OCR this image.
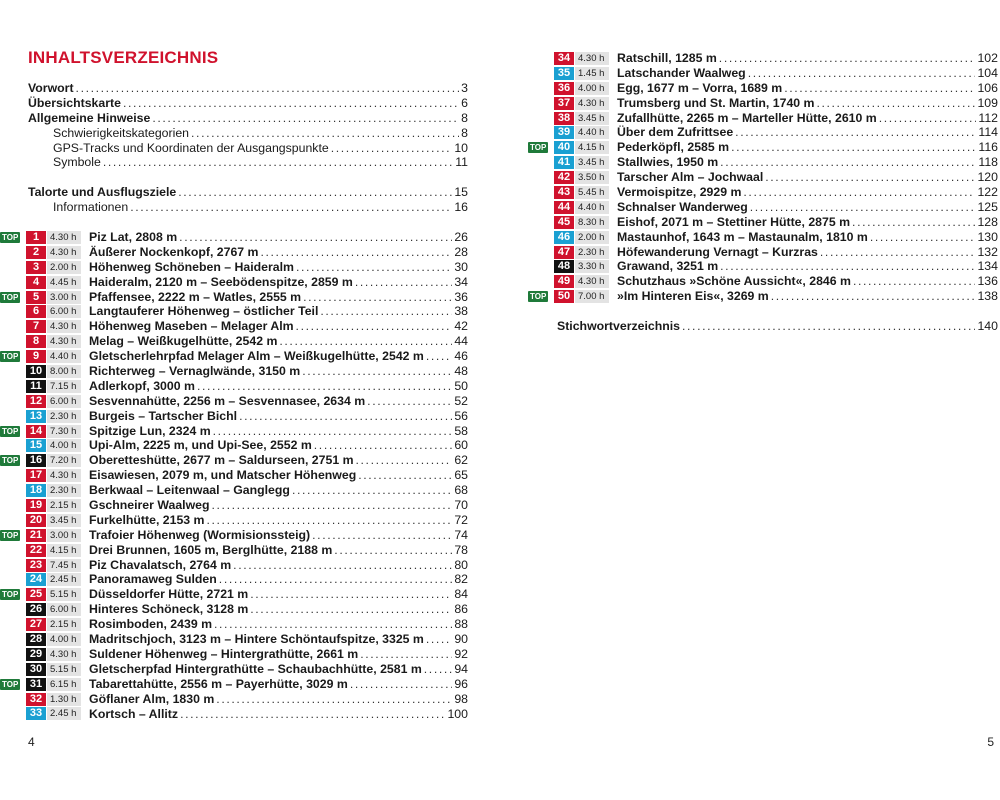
INHALTSVERZEICHNIS
Vorwort .....	3
Übersichtskarte .....	6
Allgemeine Hinweise .....	8
Schwierigkeitskategorien .....	8
GPS-Tracks und Koordinaten der Ausgangspunkte .....	10
Symbole .....	11
Talorte und Ausflugsziele .....	15
Informationen .....	16
TOP	1	4.30 h	Piz Lat, 2808 m .....	26
2	4.30 h	Äußerer Nockenkopf, 2767 m .....	28
3	2.00 h	Höhenweg Schöneben – Haideralm .....	30
4	4.45 h	Haideralm, 2120 m – Seebödenspitze, 2859 m .....	34
TOP	5	3.00 h	Pfaffensee, 2222 m – Watles, 2555 m .....	36
6	6.00 h	Langtauferer Höhenweg – östlicher Teil .....	38
7	4.30 h	Höhenweg Maseben – Melager Alm .....	42
8	4.30 h	Melag – Weißkugelhütte, 2542 m .....	44
TOP	9	4.40 h	Gletscherlehrpfad Melager Alm – Weißkugelhütte, 2542 m ..... 46
10 8.00 h	Richterweg – Vernaglwände, 3150 m .....	48
11 7.15 h	Adlerkopf, 3000 m .....	50
12 6.00 h	Sesvennahütte, 2256 m – Sesvennasee, 2634 m .....	52
13 2.30 h	Burgeis – Tartscher Bichl .....	56
TOP	14 7.30 h	Spitzige Lun, 2324 m .....	58
15 4.00 h	Upi-Alm, 2225 m, und Upi-See, 2552 m .....	60
TOP	16 7.20 h	Oberetteshütte, 2677 m – Saldurseen, 2751 m .....	62
17 4.30 h	Eisawiesen, 2079 m, und Matscher Höhenweg .....	65
18 2.30 h	Berkwaal – Leitenwaal – Ganglegg .....	68
19 2.15 h	Gschneirer Waalweg .....	70
20 3.45 h	Furkelhütte, 2153 m .....	72
TOP	21 3.00 h	Trafoier Höhenweg (Wormisionssteig) .....	74
22 4.15 h	Drei Brunnen, 1605 m, Berglhütte, 2188 m .....	78
23 7.45 h	Piz Chavalatsch, 2764 m .....	80
24 2.45 h	Panoramaweg Sulden .....	82
TOP	25 5.15 h	Düsseldorfer Hütte, 2721 m .....	84
26 6.00 h	Hinteres Schöneck, 3128 m .....	86
27 2.15 h	Rosimboden, 2439 m .....	88
28 4.00 h	Madritschjoch, 3123 m – Hintere Schöntaufspitze, 3325 m ..... 90
29 4.30 h	Suldener Höhenweg – Hintergrathütte, 2661 m .....	92
30 5.15 h	Gletscherpfad Hintergrathütte – Schaubachhütte, 2581 m .....	94
TOP	31 6.15 h	Tabarettahütte, 2556 m – Payerhütte, 3029 m .....	96
32 1.30 h	Göflaner Alm, 1830 m .....	98
33 2.45 h	Kortsch – Allitz .....	100
4
34 4.30 h	Ratschill, 1285 m .....	102
35 1.45 h	Latschander Waalweg .....	104
36 4.00 h	Egg, 1677 m – Vorra, 1689 m .....	106
37 4.30 h	Trumsberg und St. Martin, 1740 m .....	109
38 3.45 h	Zufallhütte, 2265 m – Marteller Hütte, 2610 m .....	112
39 4.40 h	Über dem Zufrittsee .....	114
TOP	40 4.15 h	Pederköpfl, 2585 m .....	116
41 3.45 h	Stallwies, 1950 m .....	118
42 3.50 h	Tarscher Alm – Jochwaal .....	120
43 5.45 h	Vermoispitze, 2929 m .....	122
44 4.40 h	Schnalser Wanderweg .....	125
45 8.30 h	Eishof, 2071 m – Stettiner Hütte, 2875 m .....	128
46 2.00 h	Mastaunhof, 1643 m – Mastaunalm, 1810 m .....	130
47 2.30 h	Höfewanderung Vernagt – Kurzras .....	132
48 3.30 h	Grawand, 3251 m .....	134
49 4.30 h	Schutzhaus »Schöne Aussicht«, 2846 m .....	136
TOP	50 7.00 h	»Im Hinteren Eis«, 3269 m .....	138
Stichwortverzeichnis .....	140
5
